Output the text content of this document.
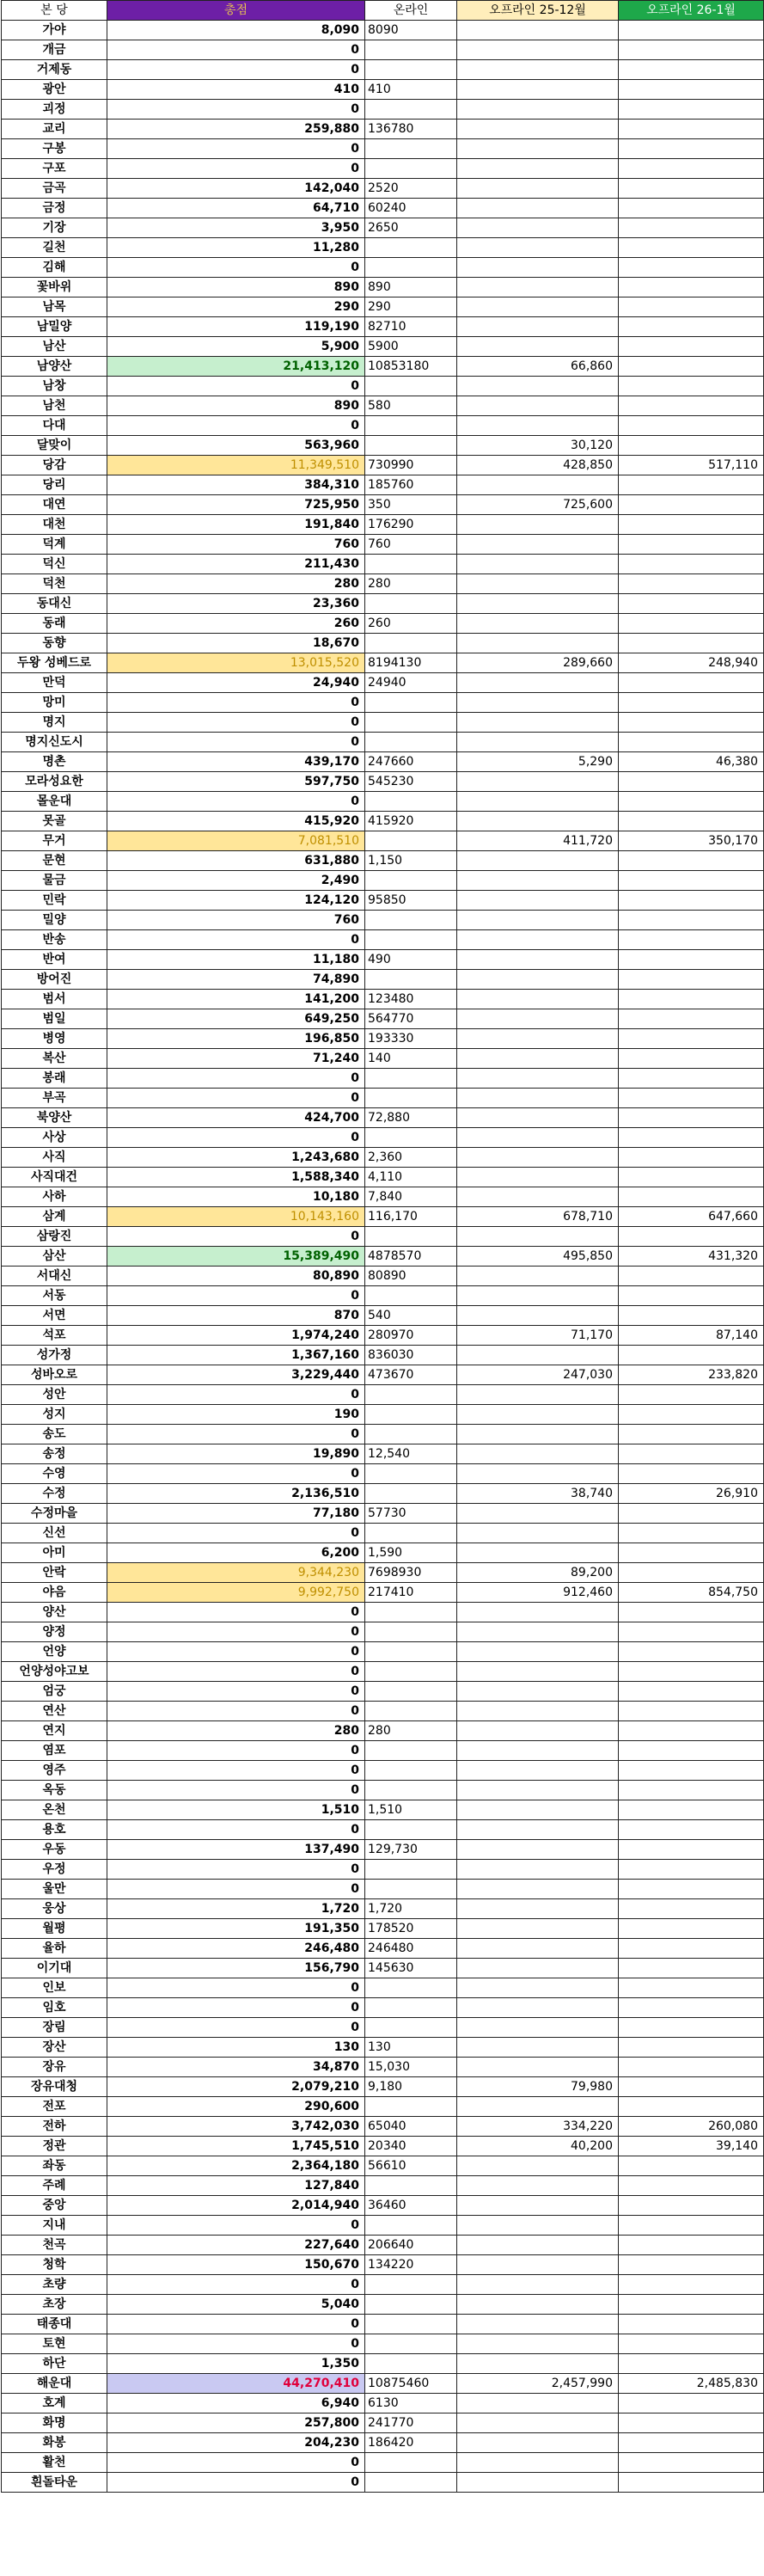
본 당	총점	온라인	오프라인 25-12월	오프라인 26-1월
가야	8,090	8090		
개금	0			
거제동	0			
광안	410	410		
괴정	0			
교리	259,880	136780		
구봉	0			
구포	0			
금곡	142,040	2520		
금정	64,710	60240		
기장	3,950	2650		
길천	11,280			
김해	0			
꽃바위	890	890		
남목	290	290		
남밀양	119,190	82710		
남산	5,900	5900		
남양산	21,413,120	10853180	66,860	
남창	0			
남천	890	580		
다대	0			
달맞이	563,960		30,120	
당감	11,349,510	730990	428,850	517,110
당리	384,310	185760		
대연	725,950	350	725,600	
대천	191,840	176290		
덕계	760	760		
덕신	211,430			
덕천	280	280		
동대신	23,360			
동래	260	260		
동향	18,670			
두왕 성베드로	13,015,520	8194130	289,660	248,940
만덕	24,940	24940		
망미	0			
명지	0			
명지신도시	0			
명촌	439,170	247660	5,290	46,380
모라성요한	597,750	545230		
몰운대	0			
못골	415,920	415920		
무거	7,081,510		411,720	350,170
문현	631,880	1,150		
물금	2,490			
민락	124,120	95850		
밀양	760			
반송	0			
반여	11,180	490		
방어진	74,890			
범서	141,200	123480		
범일	649,250	564770		
병영	196,850	193330		
복산	71,240	140		
봉래	0			
부곡	0			
북양산	424,700	72,880		
사상	0			
사직	1,243,680	2,360		
사직대건	1,588,340	4,110		
사하	10,180	7,840		
삼계	10,143,160	116,170	678,710	647,660
삼랑진	0			
삼산	15,389,490	4878570	495,850	431,320
서대신	80,890	80890		
서동	0			
서면	870	540		
석포	1,974,240	280970	71,170	87,140
성가정	1,367,160	836030		
성바오로	3,229,440	473670	247,030	233,820
성안	0			
성지	190			
송도	0			
송정	19,890	12,540		
수영	0			
수정	2,136,510		38,740	26,910
수정마을	77,180	57730		
신선	0			
아미	6,200	1,590		
안락	9,344,230	7698930	89,200	
야음	9,992,750	217410	912,460	854,750
양산	0			
양정	0			
언양	0			
언양성야고보	0			
엄궁	0			
연산	0			
연지	280	280		
염포	0			
영주	0			
옥동	0			
온천	1,510	1,510		
용호	0			
우동	137,490	129,730		
우정	0			
울만	0			
웅상	1,720	1,720		
월평	191,350	178520		
율하	246,480	246480		
이기대	156,790	145630		
인보	0			
임호	0			
장림	0			
장산	130	130		
장유	34,870	15,030		
장유대청	2,079,210	9,180	79,980	
전포	290,600			
전하	3,742,030	65040	334,220	260,080
정관	1,745,510	20340	40,200	39,140
좌동	2,364,180	56610		
주례	127,840			
중앙	2,014,940	36460		
지내	0			
천곡	227,640	206640		
청학	150,670	134220		
초량	0			
초장	5,040			
태종대	0			
토현	0			
하단	1,350			
해운대	44,270,410	10875460	2,457,990	2,485,830
호계	6,940	6130		
화명	257,800	241770		
화봉	204,230	186420		
활천	0			
흰돌타운	0			
